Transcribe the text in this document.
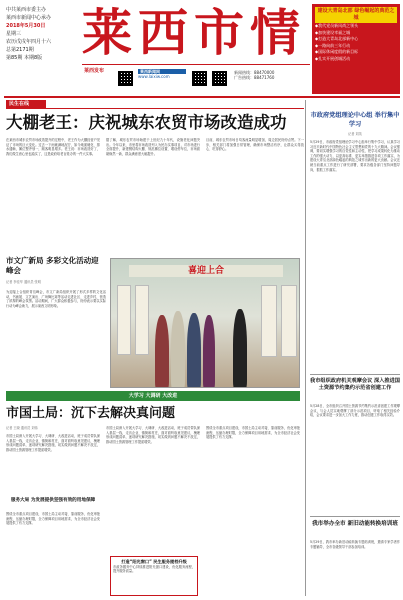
中共莱西市委主办
莱西市新闻中心承办
2018年5月30日
星期三
农历戊戌年四月十六
总第2171期
第85期 本期8版 莱西市情
莱西发布	莱西新闻网
www.laixiw.com
新闻热线：88470000
广告热线：88471760
建设大青岛北部 绿色崛起的典范之城
◆我代党员新风尚之领头
◆加快建设幸福之城
◆打造大青岛北部新中心
◆一路向前三年行动
◆国际休闲度假的新目标
◆扎实开展创城活动
民生在线
大棚老王：庆祝城东农贸市场改造成功
在莱西市城东农贸市场改造提升的过程中，老王作为大棚经营户见证了市场的巨大变化。过去一下雨就满地泥泞，如今地面硬化、排水通畅，摊位整齐划一，顾客明显增多。老王说：市场改造好了，我们做生意心里也踏实了，这是政府给老百姓办的一件大实事。
据了解，城东农贸市场始建于上世纪九十年代，设施老化问题突出。今年以来，市里将市场改造列入为民办实事项目，对市场进行全面提升，新建钢结构大棚、规范摊位设置、增设停车位，市场面貌焕然一新，群众满意度大幅提升。
目前，城东农贸市场日均客流量明显增加，周边居民纷纷点赞。下一步，相关部门将加强日常管理，确保市场整洁有序，让群众买得放心、吃得舒心。
市文广新局 多彩文化活动迎峰会
记者 李佳华 通讯员 张明
为迎接上合组织青岛峰会，市文广新局组织开展了形式多样的文化活动，书画展、文艺演出、广场舞比赛等活动走进社区、走进乡村，营造了浓厚的峰会氛围。活动期间，广大群众积极参与，纷纷表示要以实际行动为峰会助力，展示莱西文明形象。
喜迎上合
大学习 大调研 大改进
市国土局：沉下去解决真问题
记者 王晓 通讯员 刘伟
市国土局深入开展大学习、大调研、大改进活动，班子成员带队深入基层一线，走访企业、镇街和村庄，面对面听取意见建议，梳理形成问题清单，逐项研究解决措施，切实做到问题不解决不放过，推动国土资源管理工作提质增效。
服务大局 为发展提供坚强有效的用地保障
围绕全市重点项目建设，市国土局主动对接、靠前服务，优化审批流程，压缩办理时限，全力保障项目用地需求，为全市经济社会发展提供了有力支撑。
市国土局深入开展大学习、大调研、大改进活动，班子成员带队深入基层一线，走访企业、镇街和村庄，面对面听取意见建议，梳理形成问题清单，逐项研究解决措施，切实做到问题不解决不放过，推动国土资源管理工作提质增效。
围绕全市重点项目建设，市国土局主动对接、靠前服务，优化审批流程，压缩办理时限，全力保障项目用地需求，为全市经济社会发展提供了有力支撑。
打造“阳光窗口” 民生服务提档升级
市政务服务中心持续推进阳光窗口建设，优化服务流程，提升服务质量。
市政府党组理论中心组 举行集中学习
记者 刘英
5月29日，市政府党组理论学习中心组举行集中学习，认真学习习近平新时代中国特色社会主义思想和党的十九大精神。会议强调，要切实增强学习的自觉性和主动性，把学习成果转化为推动工作的强大动力，以更高标准、更实举措推进各项工作落实，为建设大青岛北部绿色崛起的典范之城作出新的更大贡献。会议还就当前重点工作进行了研究部署，要求各级各部门坚持问题导向，狠抓工作落实。
我市组织政府机关观摩会议 深入推进国土资源节约集约示范省创建工作
5月28日，全市组织召开国土资源节约集约示范省创建工作观摩会议，与会人员实地观摩了部分示范项目，听取了相关经验介绍，会议要求进一步加大工作力度，推动创建工作取得实效。
我市举办全市 新旧动能转换培训班
5月29日，我市举办新旧动能转换专题培训班，邀请专家学者作专题辅导，全市各级领导干部参加培训。
